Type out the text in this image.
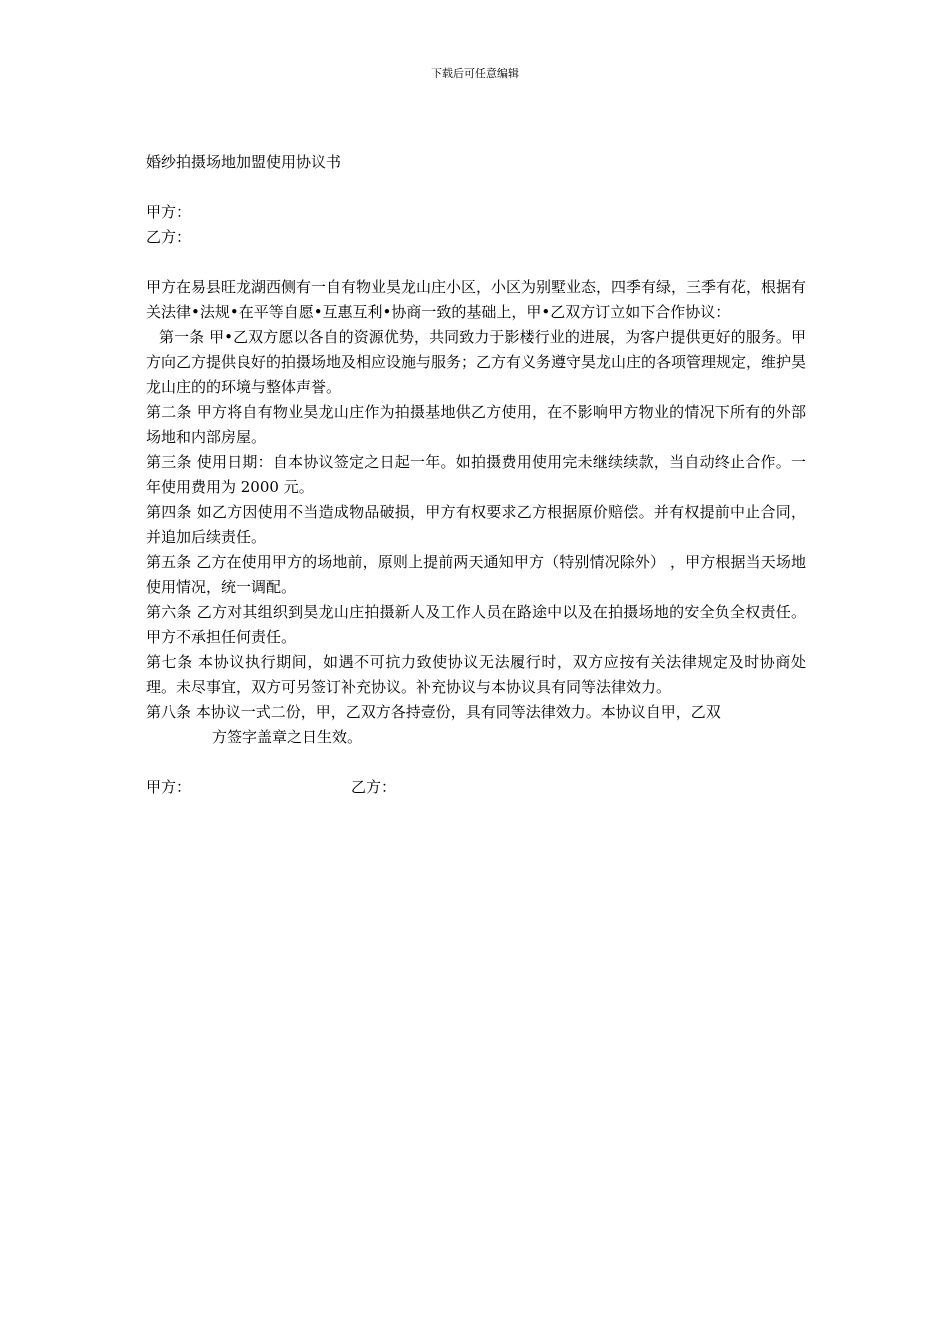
下载后可任意编辑

婚纱拍摄场地加盟使用协议书

甲方：

乙方：

甲方在易县旺龙湖西侧有一自有物业昊龙山庄小区，小区为别墅业态，四季有绿，三季有花，根据有关法律•法规•在平等自愿•互惠互利•协商一致的基础上，甲•乙双方订立如下合作协议：

第一条 甲•乙双方愿以各自的资源优势，共同致力于影楼行业的进展，为客户提供更好的服务。甲方向乙方提供良好的拍摄场地及相应设施与服务；乙方有义务遵守昊龙山庄的各项管理规定，维护昊龙山庄的的环境与整体声誉。

第二条 甲方将自有物业昊龙山庄作为拍摄基地供乙方使用，在不影响甲方物业的情况下所有的外部场地和内部房屋。

第三条 使用日期：自本协议签定之日起一年。如拍摄费用使用完未继续续款，当自动终止合作。一年使用费用为 2000 元。

第四条 如乙方因使用不当造成物品破损，甲方有权要求乙方根据原价赔偿。并有权提前中止合同，并追加后续责任。

第五条 乙方在使用甲方的场地前，原则上提前两天通知甲方（特别情况除外） ，甲方根据当天场地使用情况，统一调配。

第六条 乙方对其组织到昊龙山庄拍摄新人及工作人员在路途中以及在拍摄场地的安全负全权责任。甲方不承担任何责任。

第七条 本协议执行期间，如遇不可抗力致使协议无法履行时，双方应按有关法律规定及时协商处理。未尽事宜，双方可另签订补充协议。补充协议与本协议具有同等法律效力。

第八条 本协议一式二份，甲，乙双方各持壹份，具有同等法律效力。本协议自甲，乙双
方签字盖章之日生效。

甲方：	乙方：
